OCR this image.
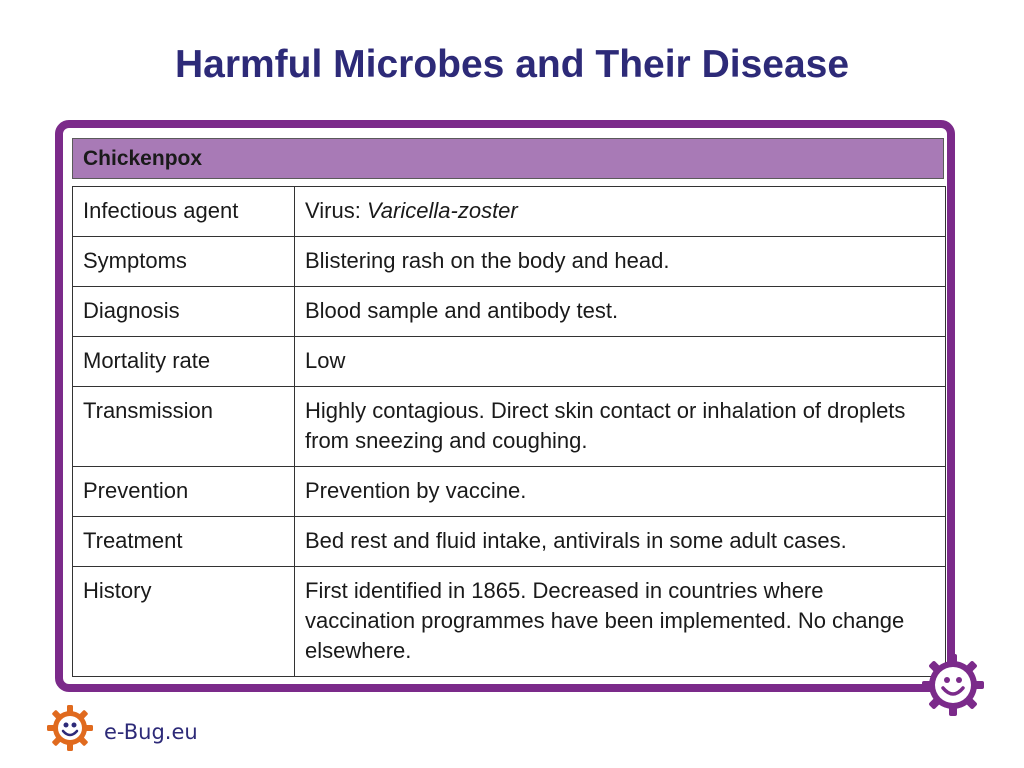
Harmful Microbes and Their Disease
Chickenpox
Infectious agent	Virus: Varicella-zoster
Symptoms	Blistering rash on the body and head.
Diagnosis	Blood sample and antibody test.
Mortality rate	Low
Transmission	Highly contagious. Direct skin contact or inhalation of droplets from sneezing and coughing.
Prevention	Prevention by vaccine.
Treatment	Bed rest and fluid intake, antivirals in some adult cases.
History	First identified in 1865. Decreased in countries where vaccination programmes have been implemented. No change elsewhere.
e-Bug.eu
